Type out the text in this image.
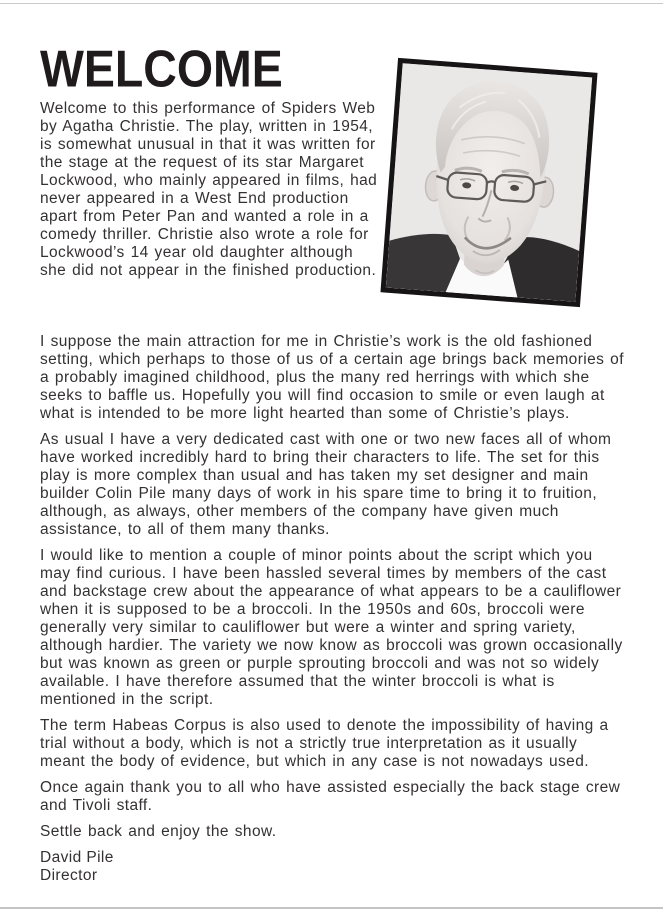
WELCOME

Welcome to this performance of Spiders Web by Agatha Christie. The play, written in 1954, is somewhat unusual in that it was written for the stage at the request of its star Margaret Lockwood, who mainly appeared in films, had never appeared in a West End production apart from Peter Pan and wanted a role in a comedy thriller. Christie also wrote a role for Lockwood’s 14 year old daughter although she did not appear in the finished production.

I suppose the main attraction for me in Christie’s work is the old fashioned setting, which perhaps to those of us of a certain age brings back memories of a probably imagined childhood, plus the many red herrings with which she seeks to baffle us. Hopefully you will find occasion to smile or even laugh at what is intended to be more light hearted than some of Christie’s plays.

As usual I have a very dedicated cast with one or two new faces all of whom have worked incredibly hard to bring their characters to life. The set for this play is more complex than usual and has taken my set designer and main builder Colin Pile many days of work in his spare time to bring it to fruition, although, as always, other members of the company have given much assistance, to all of them many thanks.

I would like to mention a couple of minor points about the script which you may find curious. I have been hassled several times by members of the cast and backstage crew about the appearance of what appears to be a cauliflower when it is supposed to be a broccoli. In the 1950s and 60s, broccoli were generally very similar to cauliflower but were a winter and spring variety, although hardier. The variety we now know as broccoli was grown occasionally but was known as green or purple sprouting broccoli and was not so widely available. I have therefore assumed that the winter broccoli is what is mentioned in the script.

The term Habeas Corpus is also used to denote the impossibility of having a trial without a body, which is not a strictly true interpretation as it usually meant the body of evidence, but which in any case is not nowadays used.

Once again thank you to all who have assisted especially the back stage crew and Tivoli staff.

Settle back and enjoy the show.

David Pile
Director
